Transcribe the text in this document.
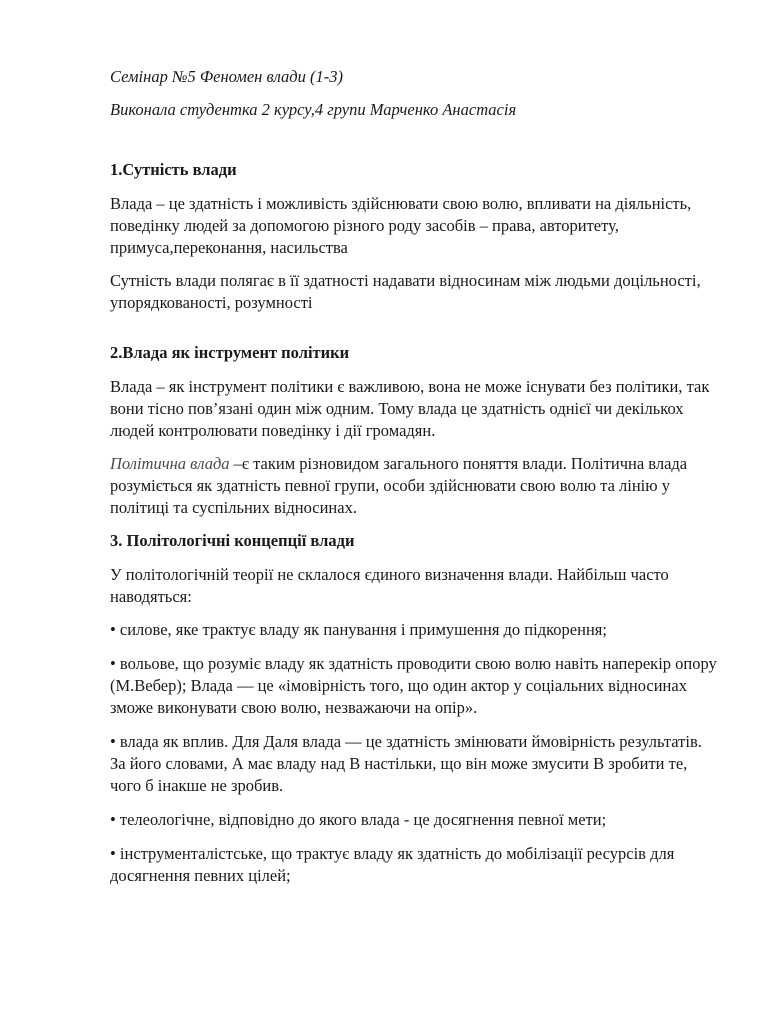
Семінар №5 Феномен влади (1-3)
Виконала студентка 2 курсу,4 групи Марченко Анастасія
1.Сутність влади

Влада – це здатність і можливість здійснювати свою волю, впливати на діяльність, поведінку людей за допомогою різного роду засобів – права, авторитету, примуса,переконання, насильства

Сутність влади полягає в її здатності надавати відносинам між людьми доцільності, упорядкованості, розумності

2.Влада як інструмент політики

Влада – як інструмент політики є важливою, вона не може існувати без політики, так вони тісно пов’язані один між одним. Тому влада це здатність однієї чи декількох людей контролювати поведінку і дії громадян.

Політична влада –є таким різновидом загального поняття влади. Політична влада розуміється як здатність певної групи, особи здійснювати свою волю та лінію у політиці та суспільних відносинах.

3. Політологічні концепції влади

У політологічній теорії не склалося єдиного визначення влади. Найбільш часто наводяться:

• силове, яке трактує владу як панування і примушення до підкорення;
• вольове, що розуміє владу як здатність проводити свою волю навіть наперекір опору (М.Вебер); Влада — це «імовірність того, що один актор у соціальних відносинах зможе виконувати свою волю, незважаючи на опір».
• влада як вплив. Для Даля влада — це здатність змінювати ймовірність результатів. За його словами, А має владу над В настільки, що він може змусити В зробити те, чого б інакше не зробив.
• телеологічне, відповідно до якого влада - це досягнення певної мети;
• інструменталістське, що трактує владу як здатність до мобілізації ресурсів для досягнення певних цілей;
